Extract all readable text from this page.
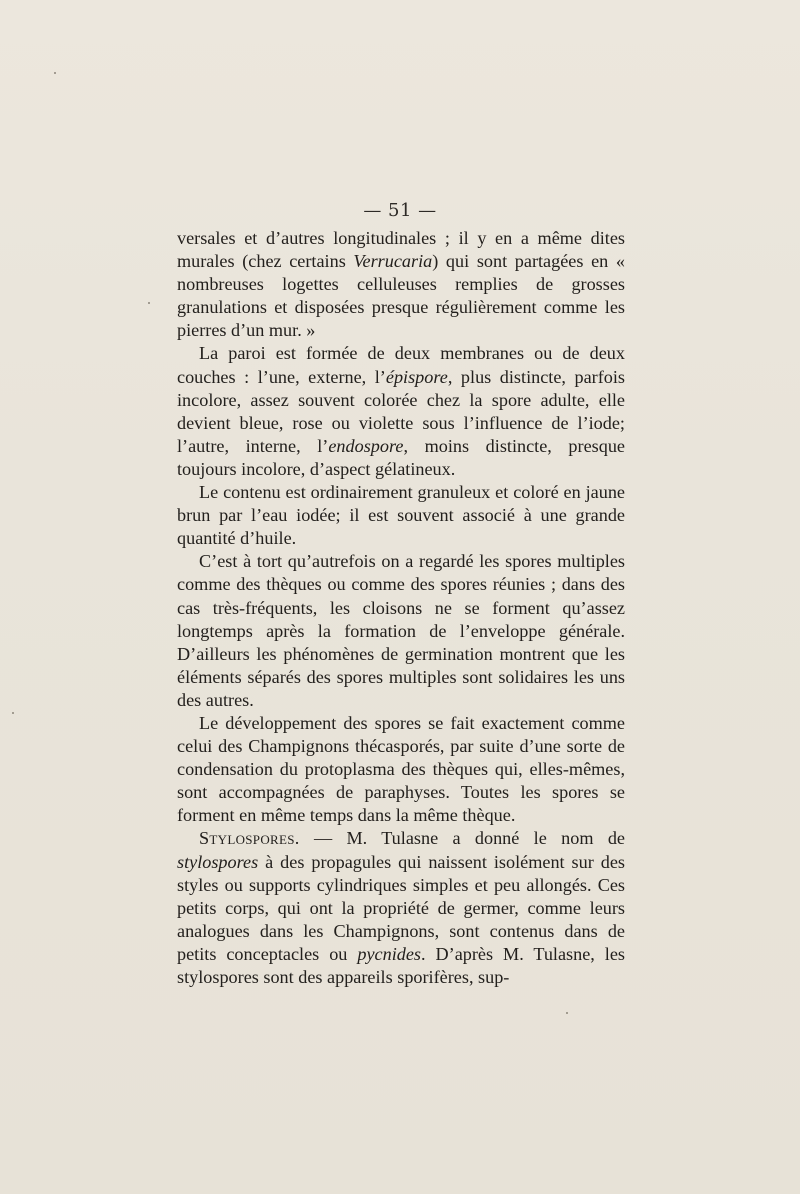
— 51 —

versales et d’autres longitudinales ; il y en a même dites murales (chez certains Verrucaria) qui sont partagées en « nombreuses logettes celluleuses remplies de grosses granulations et disposées presque régulièrement comme les pierres d’un mur. »

La paroi est formée de deux membranes ou de deux couches : l’une, externe, l’épispore, plus distincte, parfois incolore, assez souvent colorée chez la spore adulte, elle devient bleue, rose ou violette sous l’influence de l’iode; l’autre, interne, l’endospore, moins distincte, presque toujours incolore, d’aspect gélatineux.

Le contenu est ordinairement granuleux et coloré en jaune brun par l’eau iodée; il est souvent associé à une grande quantité d’huile.

C’est à tort qu’autrefois on a regardé les spores multiples comme des thèques ou comme des spores réunies ; dans des cas très-fréquents, les cloisons ne se forment qu’assez longtemps après la formation de l’enveloppe générale. D’ailleurs les phénomènes de germination montrent que les éléments séparés des spores multiples sont solidaires les uns des autres.

Le développement des spores se fait exactement comme celui des Champignons thécasporés, par suite d’une sorte de condensation du protoplasma des thèques qui, elles-mêmes, sont accompagnées de paraphyses. Toutes les spores se forment en même temps dans la même thèque.

Stylospores. — M. Tulasne a donné le nom de stylospores à des propagules qui naissent isolément sur des styles ou supports cylindriques simples et peu allongés. Ces petits corps, qui ont la propriété de germer, comme leurs analogues dans les Champignons, sont contenus dans de petits conceptacles ou pycnides. D’après M. Tulasne, les stylospores sont des appareils sporifères, sup-
